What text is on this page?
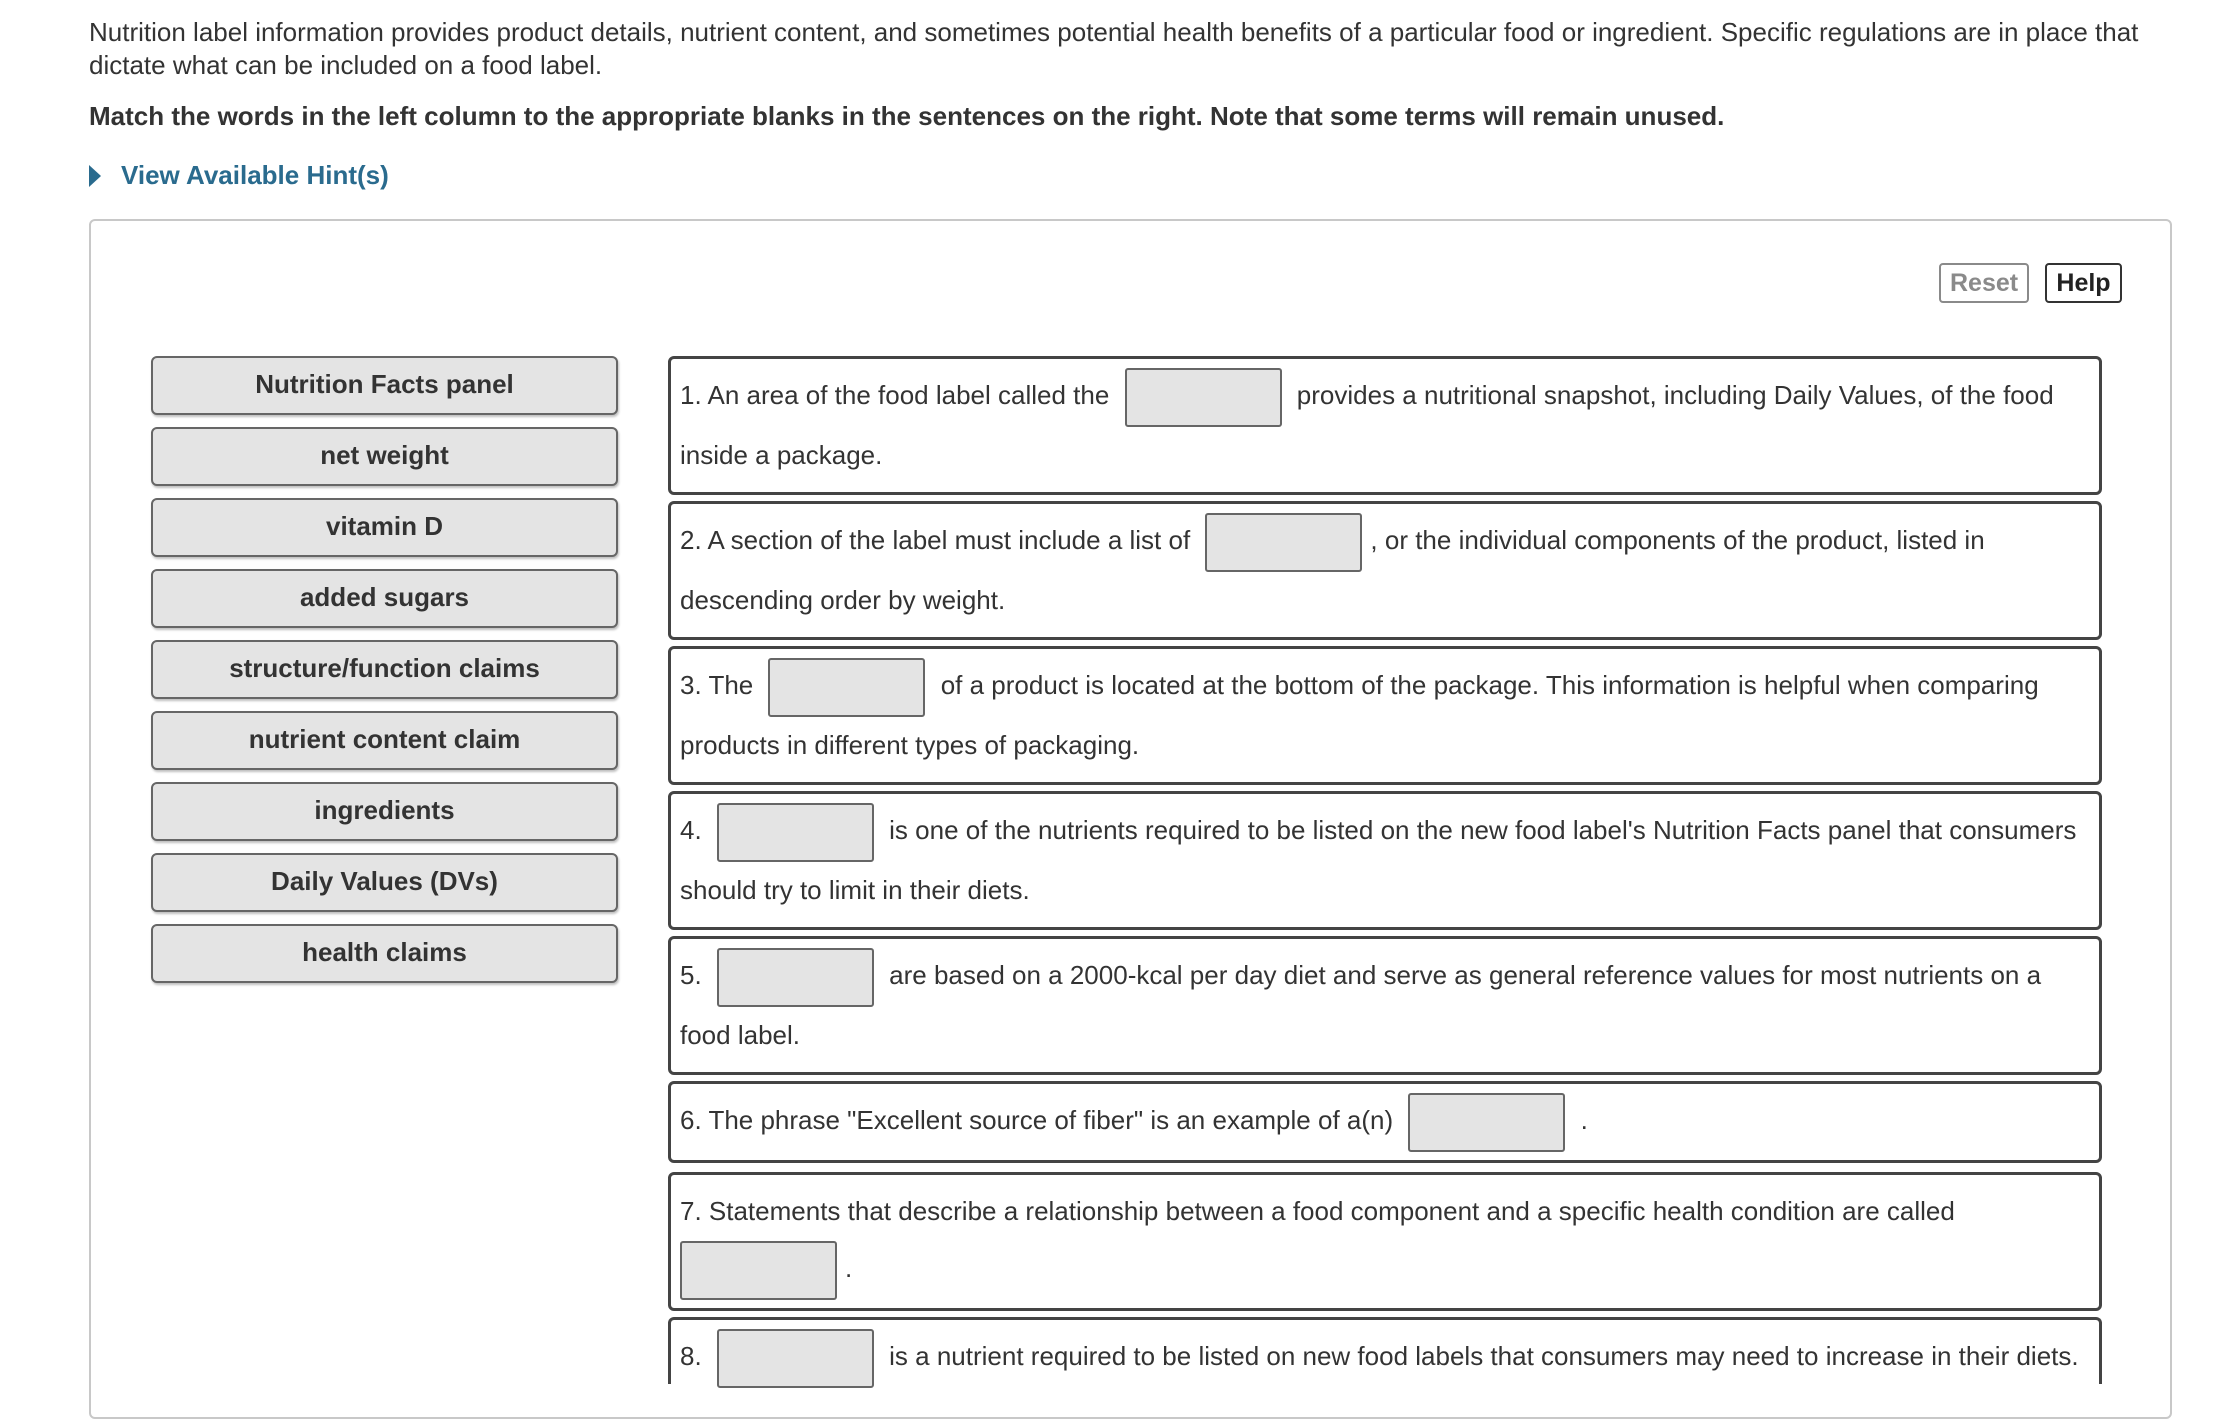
Nutrition label information provides product details, nutrient content, and sometimes potential health benefits of a particular food or ingredient. Specific regulations are in place that dictate what can be included on a food label.
Match the words in the left column to the appropriate blanks in the sentences on the right. Note that some terms will remain unused.
View Available Hint(s)
Reset	Help
Nutrition Facts panel
net weight
vitamin D
added sugars
structure/function claims
nutrient content claim
ingredients
Daily Values (DVs)
health claims
1. An area of the food label called the	provides a nutritional snapshot, including Daily Values, of the food inside a package.
2. A section of the label must include a list of	, or the individual components of the product, listed in descending order by weight.
3. The	of a product is located at the bottom of the package. This information is helpful when comparing products in different types of packaging.
4.	is one of the nutrients required to be listed on the new food label's Nutrition Facts panel that consumers should try to limit in their diets.
5.	are based on a 2000-kcal per day diet and serve as general reference values for most nutrients on a food label.
6. The phrase "Excellent source of fiber" is an example of a(n)	.
7. Statements that describe a relationship between a food component and a specific health condition are called .
8.	is a nutrient required to be listed on new food labels that consumers may need to increase in their diets.
